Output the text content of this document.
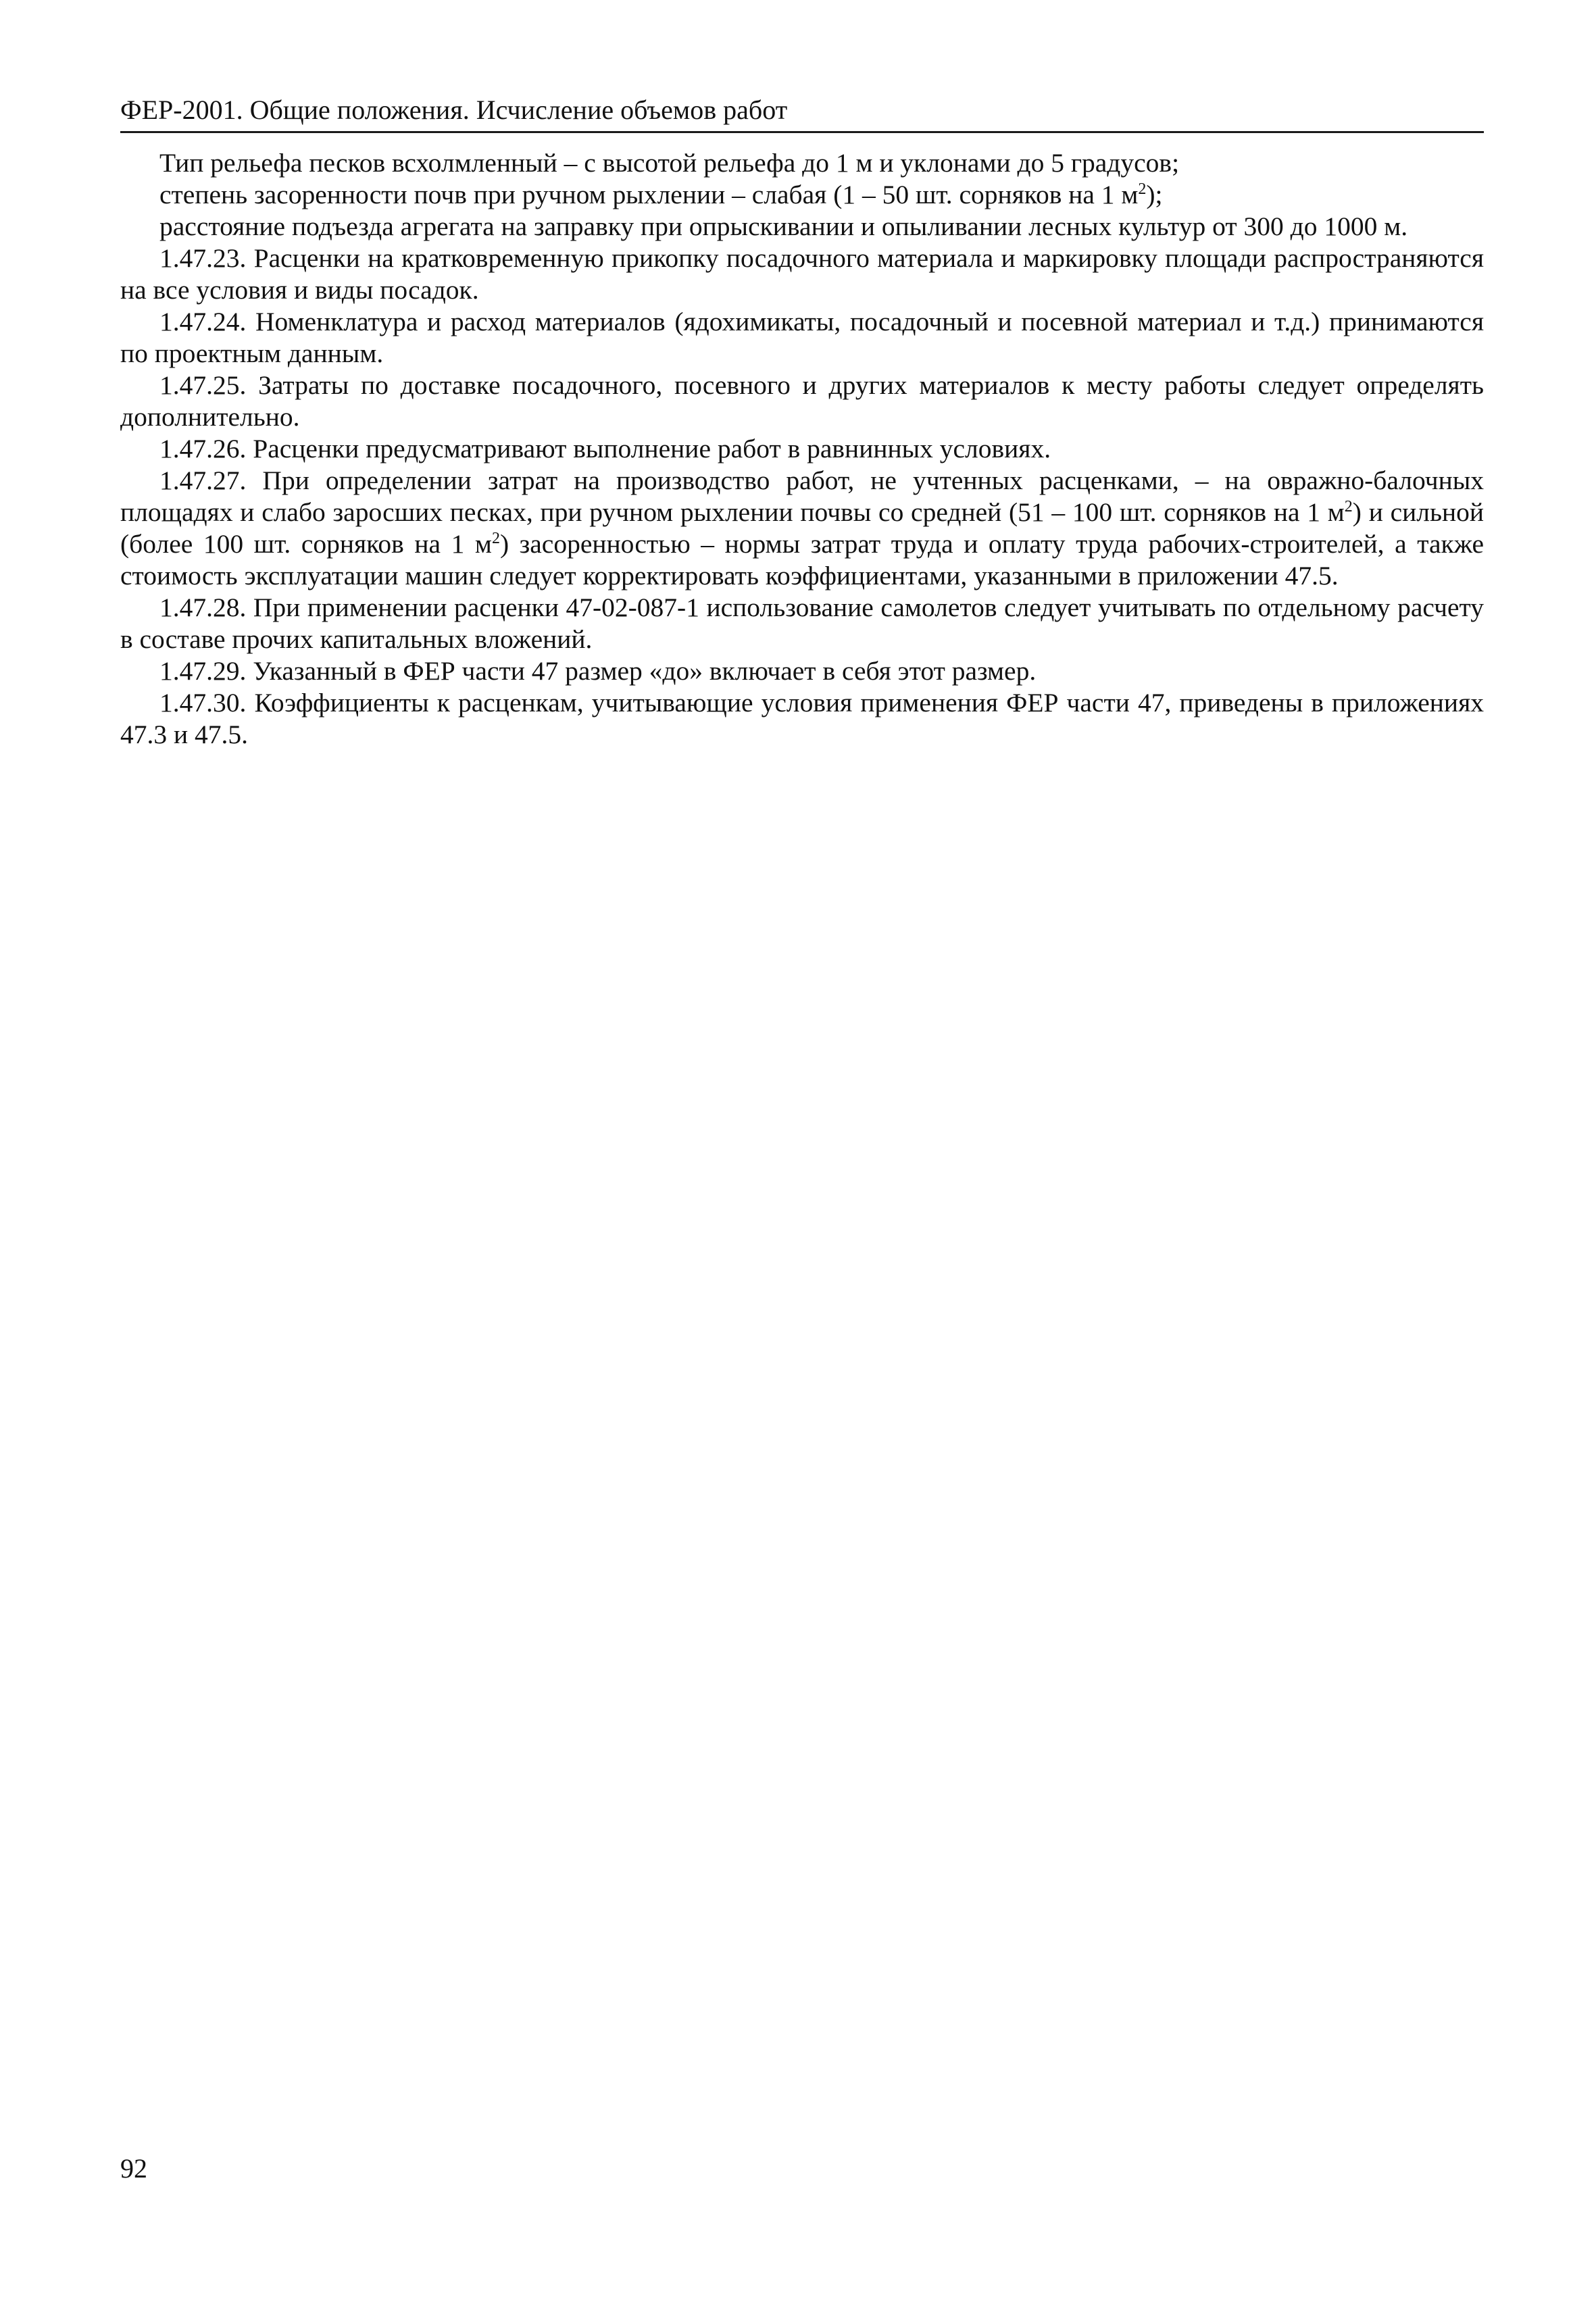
ФЕР-2001. Общие положения. Исчисление объемов работ

Тип рельефа песков всхолмленный – с высотой рельефа до 1 м и уклонами до 5 градусов;

степень засоренности почв при ручном рыхлении – слабая (1 – 50 шт. сорняков на 1 $м^2$);

расстояние подъезда агрегата на заправку при опрыскивании и опыливании лесных культур от 300 до 1000 м.

1.47.23. Расценки на кратковременную прикопку посадочного материала и маркировку площади распространяются на все условия и виды посадок.

1.47.24. Номенклатура и расход материалов (ядохимикаты, посадочный и посевной материал и т.д.) принимаются по проектным данным.

1.47.25. Затраты по доставке посадочного, посевного и других материалов к месту работы следует определять дополнительно.

1.47.26. Расценки предусматривают выполнение работ в равнинных условиях.

1.47.27. При определении затрат на производство работ, не учтенных расценками, – на овражно-балочных площадях и слабо заросших песках, при ручном рыхлении почвы со средней (51 – 100 шт. сорняков на 1 $м^2$) и сильной (более 100 шт. сорняков на 1 $м^2$) засоренностью – нормы затрат труда и оплату труда рабочих-строителей, а также стоимость эксплуатации машин следует корректировать коэффициентами, указанными в приложении 47.5.

1.47.28. При применении расценки 47-02-087-1 использование самолетов следует учитывать по отдельному расчету в составе прочих капитальных вложений.

1.47.29. Указанный в ФЕР части 47 размер «до» включает в себя этот размер.

1.47.30. Коэффициенты к расценкам, учитывающие условия применения ФЕР части 47, приведены в приложениях 47.3 и 47.5.

92
